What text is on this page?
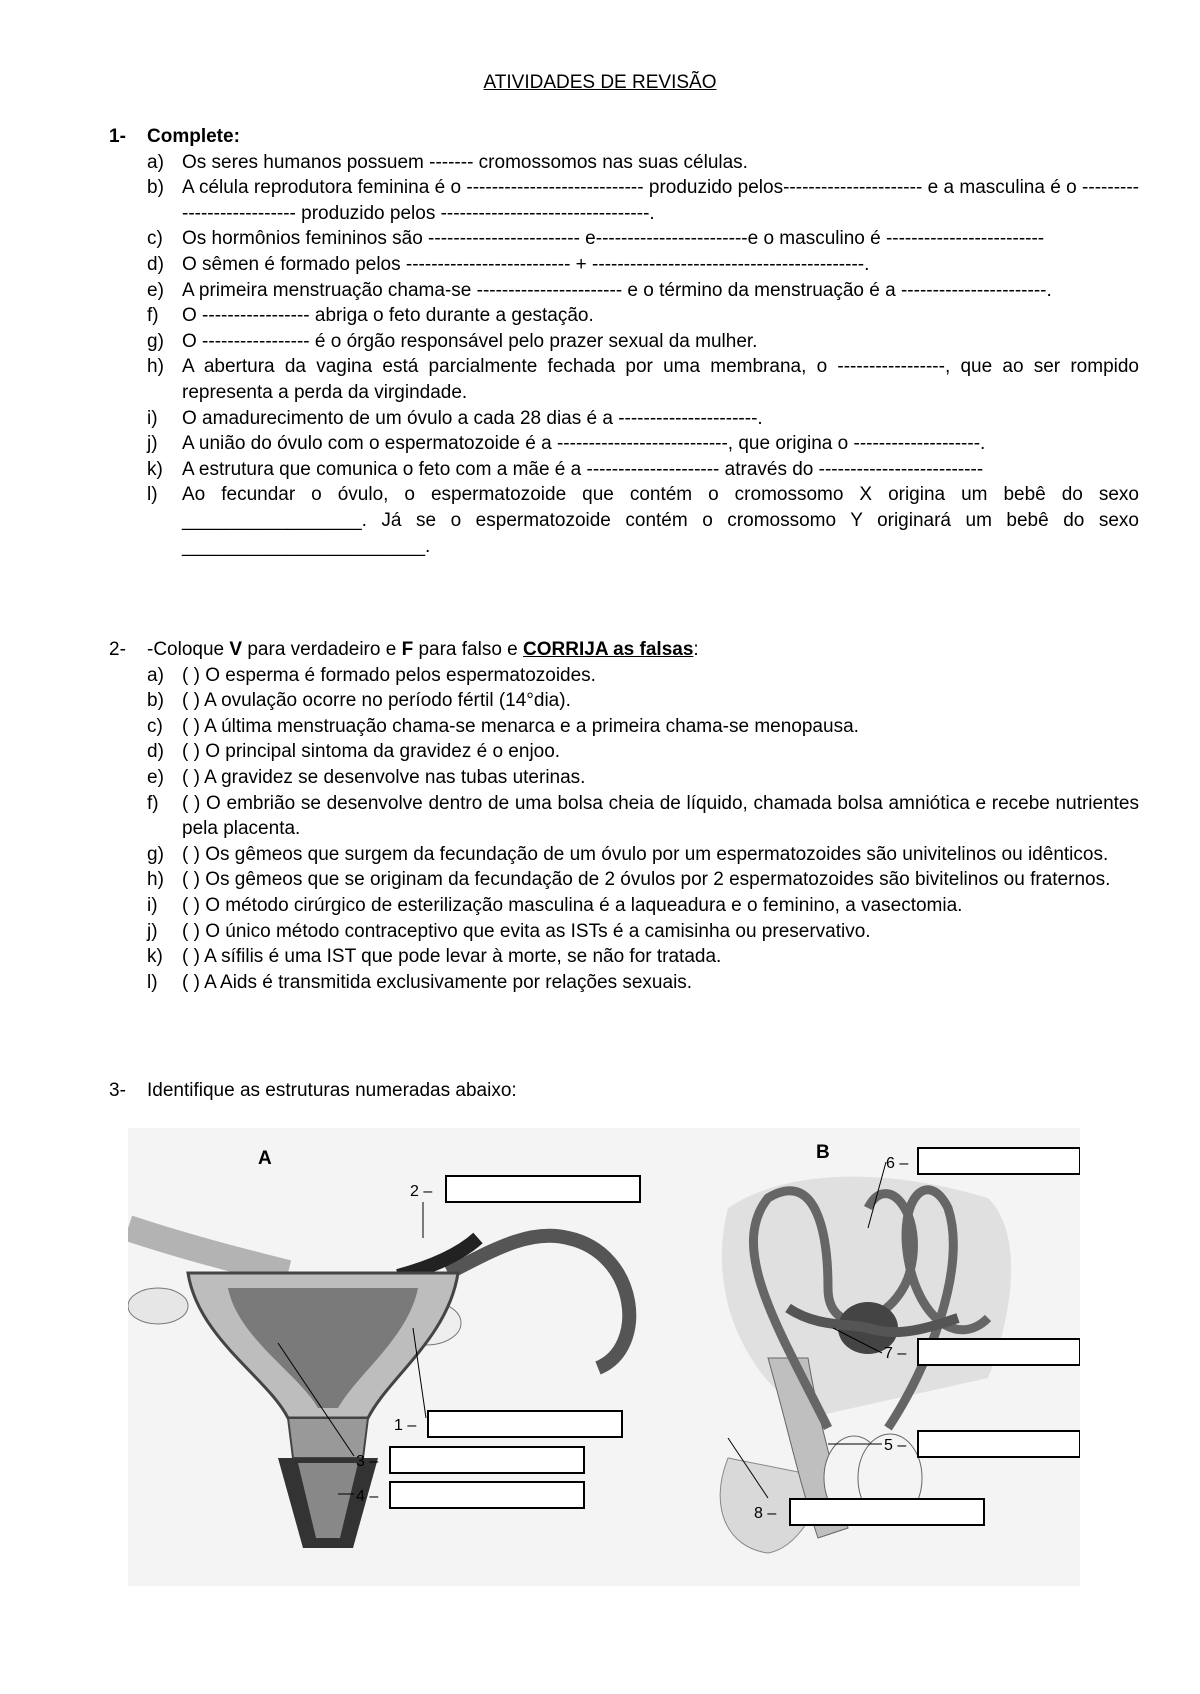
ATIVIDADES DE REVISÃO
1-	Complete:
a) Os seres humanos possuem ------- cromossomos nas suas células.
b) A célula reprodutora feminina é o ---------------------------- produzido pelos---------------------- e a masculina é o --------------------------- produzido pelos ---------------------------------.
c)	Os hormônios femininos são ------------------------ e------------------------e o masculino é -------------------------
d) O sêmen é formado pelos -------------------------- + -------------------------------------------.
e) A primeira menstruação chama-se ----------------------- e o término da menstruação é a -----------------------.
f)	O ----------------- abriga o feto durante a gestação.
g) O ----------------- é o órgão responsável pelo prazer sexual da mulher.
h) A abertura da vagina está parcialmente fechada por uma membrana, o -----------------, que ao ser rompido representa a perda da virgindade.
i)	O amadurecimento de um óvulo a cada 28 dias é a ----------------------.
j)	A união do óvulo com o espermatozoide é a ---------------------------, que origina o --------------------.
k)	A estrutura que comunica o feto com a mãe é a --------------------- através do --------------------------
l)	Ao fecundar o óvulo, o espermatozoide que contém o cromossomo X origina um bebê do sexo _________________. Já se o espermatozoide contém o cromossomo Y originará um bebê do sexo _______________________.
2-	-Coloque V para verdadeiro e F para falso e CORRIJA as falsas:
a) ( ) O esperma é formado pelos espermatozoides.
b) ( ) A ovulação ocorre no período fértil (14°dia).
c)	( ) A última menstruação chama-se menarca e a primeira chama-se menopausa.
d) ( ) O principal sintoma da gravidez é o enjoo.
e) ( ) A gravidez se desenvolve nas tubas uterinas.
f)	( ) O embrião se desenvolve dentro de uma bolsa cheia de líquido, chamada bolsa amniótica e recebe nutrientes pela placenta.
g) ( ) Os gêmeos que surgem da fecundação de um óvulo por um espermatozoides são univitelinos ou idênticos.
h) ( ) Os gêmeos que se originam da fecundação de 2 óvulos por 2 espermatozoides são bivitelinos ou fraternos.
i)	( ) O método cirúrgico de esterilização masculina é a laqueadura e o feminino, a vasectomia.
j)	( ) O único método contraceptivo que evita as ISTs é a camisinha ou preservativo.
k)	( ) A sífilis é uma IST que pode levar à morte, se não for tratada.
l)	( ) A Aids é transmitida exclusivamente por relações sexuais.
3-	Identifique as estruturas numeradas abaixo:
A
2 –
1 –
3 –
4 –
B
6 –
7 –
5 –
8 –
